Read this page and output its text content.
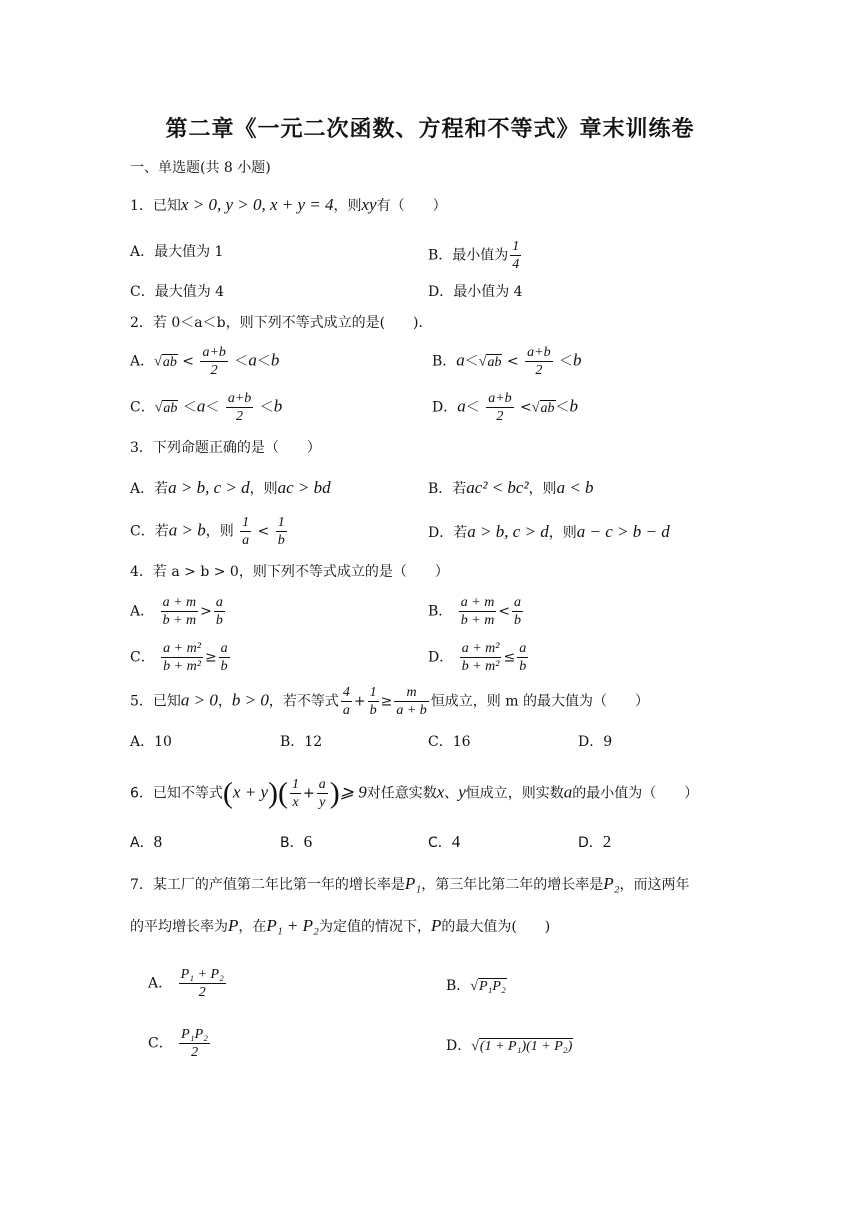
第二章《一元二次函数、方程和不等式》章末训练卷
一、单选题(共 8 小题)
1．已知x > 0, y > 0, x + y = 4，则xy有（　　）
A．最大值为 1	B．最小值为 $\frac{1}{4}$
C．最大值为 4	D．最小值为 4
2．若 0＜a＜b，则下列不等式成立的是(　　)．
A．$√ab < \frac{a+b}{2} <a<b$	B．$a<√ab < \frac{a+b}{2} <b$
C．$√ab <a< \frac{a+b}{2} <b$	D．$a< \frac{a+b}{2} <√ab<b$
3．下列命题正确的是（　　）
A．若a > b, c > d，则ac > bd	B．若ac² < bc²，则a < b
C．若a > b，则 $\frac{1}{a} < \frac{1}{b}$	D．若a > b, c > d，则a − c > b − d
4．若 a > b > 0，则下列不等式成立的是（　　）
A． $\frac{a + m}{b + m} > \frac{a}{b}$	B． $\frac{a + m}{b + m} < \frac{a}{b}$
C． $\frac{\text{a + m²}}{\text{b + m²}} \ge \frac{a}{b}$	D． $\frac{\text{a + m²}}{\text{b + m²}} \le \frac{a}{b}$
5．已知a > 0，b > 0，若不等式 $\frac{4}{a} + \frac{1}{b} \ge \frac{m}{a + b}$ 恒成立，则 m 的最大值为（　　）
A．10	B．12	C．16	D．9
6．已知不等式$(x + y)( \frac{1}{x} + \frac{a}{y}$ )⩾ 9对任意实数x、y恒成立，则实数a的最小值为（　　）
A．8	B．6	C．4	D．2
7．某工厂的产值第二年比第一年的增长率是P₁，第三年比第二年的增长率是P₂，而这两年
的平均增长率为P，在P₁ + P₂为定值的情况下，P的最大值为(　　)
A． $\frac{\text{P₁ + P₂}}{2}$	B．√P₁P₂
C． $\frac{\text{P₁P₂}}{2}$	D．√(1 + P₁)(1 + P₂)
